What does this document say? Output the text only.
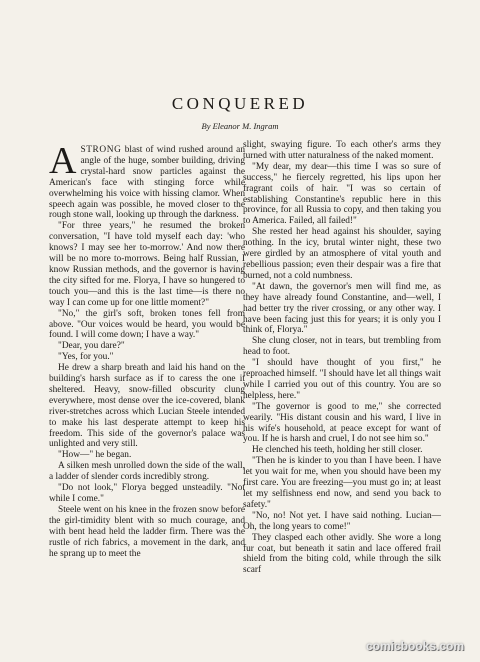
CONQUERED
By Eleanor M. Ingram

ASTRONG blast of wind rushed around an angle of the huge, somber building, driving crystal-hard snow particles against the American's face with stinging force while overwhelming his voice with hissing clamor. When speech again was possible, he moved closer to the rough stone wall, looking up through the darkness.

"For three years," he resumed the broken conversation, "I have told myself each day: 'who knows? I may see her to-morrow.' And now there will be no more to-morrows. Being half Russian, I know Russian methods, and the governor is having the city sifted for me. Florya, I have so hungered to touch you—and this is the last time—is there no way I can come up for one little moment?"

"No," the girl's soft, broken tones fell from above. "Our voices would be heard, you would be found. I will come down; I have a way."

"Dear, you dare?"

"Yes, for you."

He drew a sharp breath and laid his hand on the building's harsh surface as if to caress the one it sheltered. Heavy, snow-filled obscurity clung everywhere, most dense over the ice-covered, blank river-stretches across which Lucian Steele intended to make his last desperate attempt to keep his freedom. This side of the governor's palace was unlighted and very still.

"How—" he began.

A silken mesh unrolled down the side of the wall, a ladder of slender cords incredibly strong.

"Do not look," Florya begged unsteadily. "Not while I come."

Steele went on his knee in the frozen snow before the girl-timidity blent with so much courage, and with bent head held the ladder firm. There was the rustle of rich fabrics, a movement in the dark, and he sprang up to meet the

slight, swaying figure. To each other's arms they turned with utter naturalness of the naked moment.

"My dear, my dear—this time I was so sure of success," he fiercely regretted, his lips upon her fragrant coils of hair. "I was so certain of establishing Constantine's republic here in this province, for all Russia to copy, and then taking you to America. Failed, all failed!"

She rested her head against his shoulder, saying nothing. In the icy, brutal winter night, these two were girdled by an atmosphere of vital youth and rebellious passion; even their despair was a fire that burned, not a cold numbness.

"At dawn, the governor's men will find me, as they have already found Constantine, and—well, I had better try the river crossing, or any other way. I have been facing just this for years; it is only you I think of, Florya."

She clung closer, not in tears, but trembling from head to foot.

"I should have thought of you first," he reproached himself. "I should have let all things wait while I carried you out of this country. You are so helpless, here."

"The governor is good to me," she corrected wearily. "His distant cousin and his ward, I live in his wife's household, at peace except for want of you. If he is harsh and cruel, I do not see him so."

He clenched his teeth, holding her still closer.

"Then he is kinder to you than I have been. I have let you wait for me, when you should have been my first care. You are freezing—you must go in; at least let my selfishness end now, and send you back to safety."

"No, no! Not yet. I have said nothing. Lucian— Oh, the long years to come!"

They clasped each other avidly. She wore a long fur coat, but beneath it satin and lace offered frail shield from the biting cold, while through the silk scarf

comicbooks.com
